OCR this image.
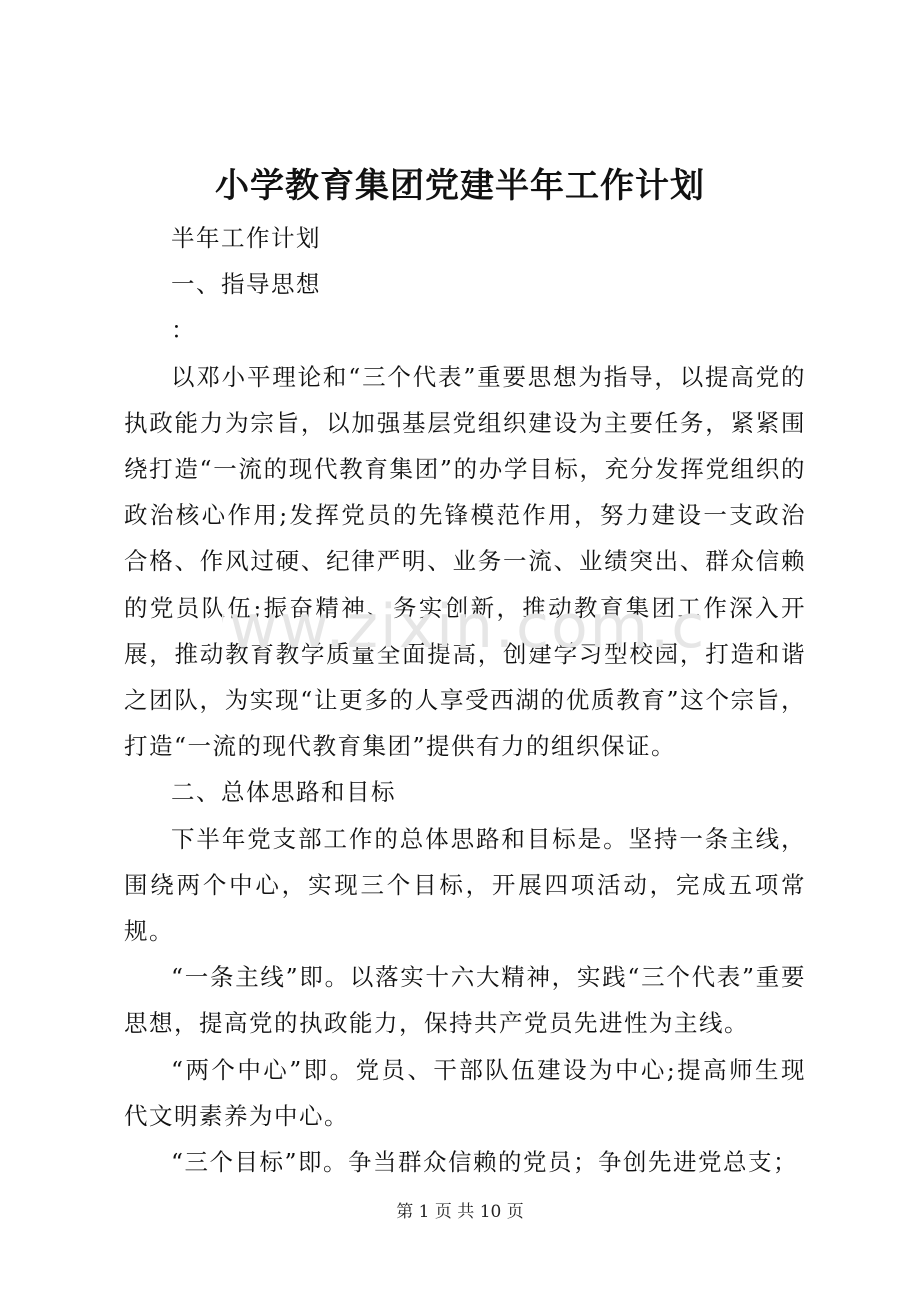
小学教育集团党建半年工作计划

半年工作计划

一、指导思想

：

以邓小平理论和“三个代表”重要思想为指导，以提高党的执政能力为宗旨，以加强基层党组织建设为主要任务，紧紧围绕打造“一流的现代教育集团”的办学目标，充分发挥党组织的政治核心作用;发挥党员的先锋模范作用，努力建设一支政治合格、作风过硬、纪律严明、业务一流、业绩突出、群众信赖的党员队伍;振奋精神、务实创新，推动教育集团工作深入开展，推动教育教学质量全面提高，创建学习型校园，打造和谐之团队，为实现“让更多的人享受西湖的优质教育”这个宗旨，打造“一流的现代教育集团”提供有力的组织保证。

二、总体思路和目标

下半年党支部工作的总体思路和目标是。坚持一条主线，围绕两个中心，实现三个目标，开展四项活动，完成五项常规。

“一条主线”即。以落实十六大精神，实践“三个代表”重要思想，提高党的执政能力，保持共产党员先进性为主线。

“两个中心”即。党员、干部队伍建设为中心;提高师生现代文明素养为中心。

“三个目标”即。争当群众信赖的党员；争创先进党总支；

ww.zixin.com.c
第 1 页 共 10 页
